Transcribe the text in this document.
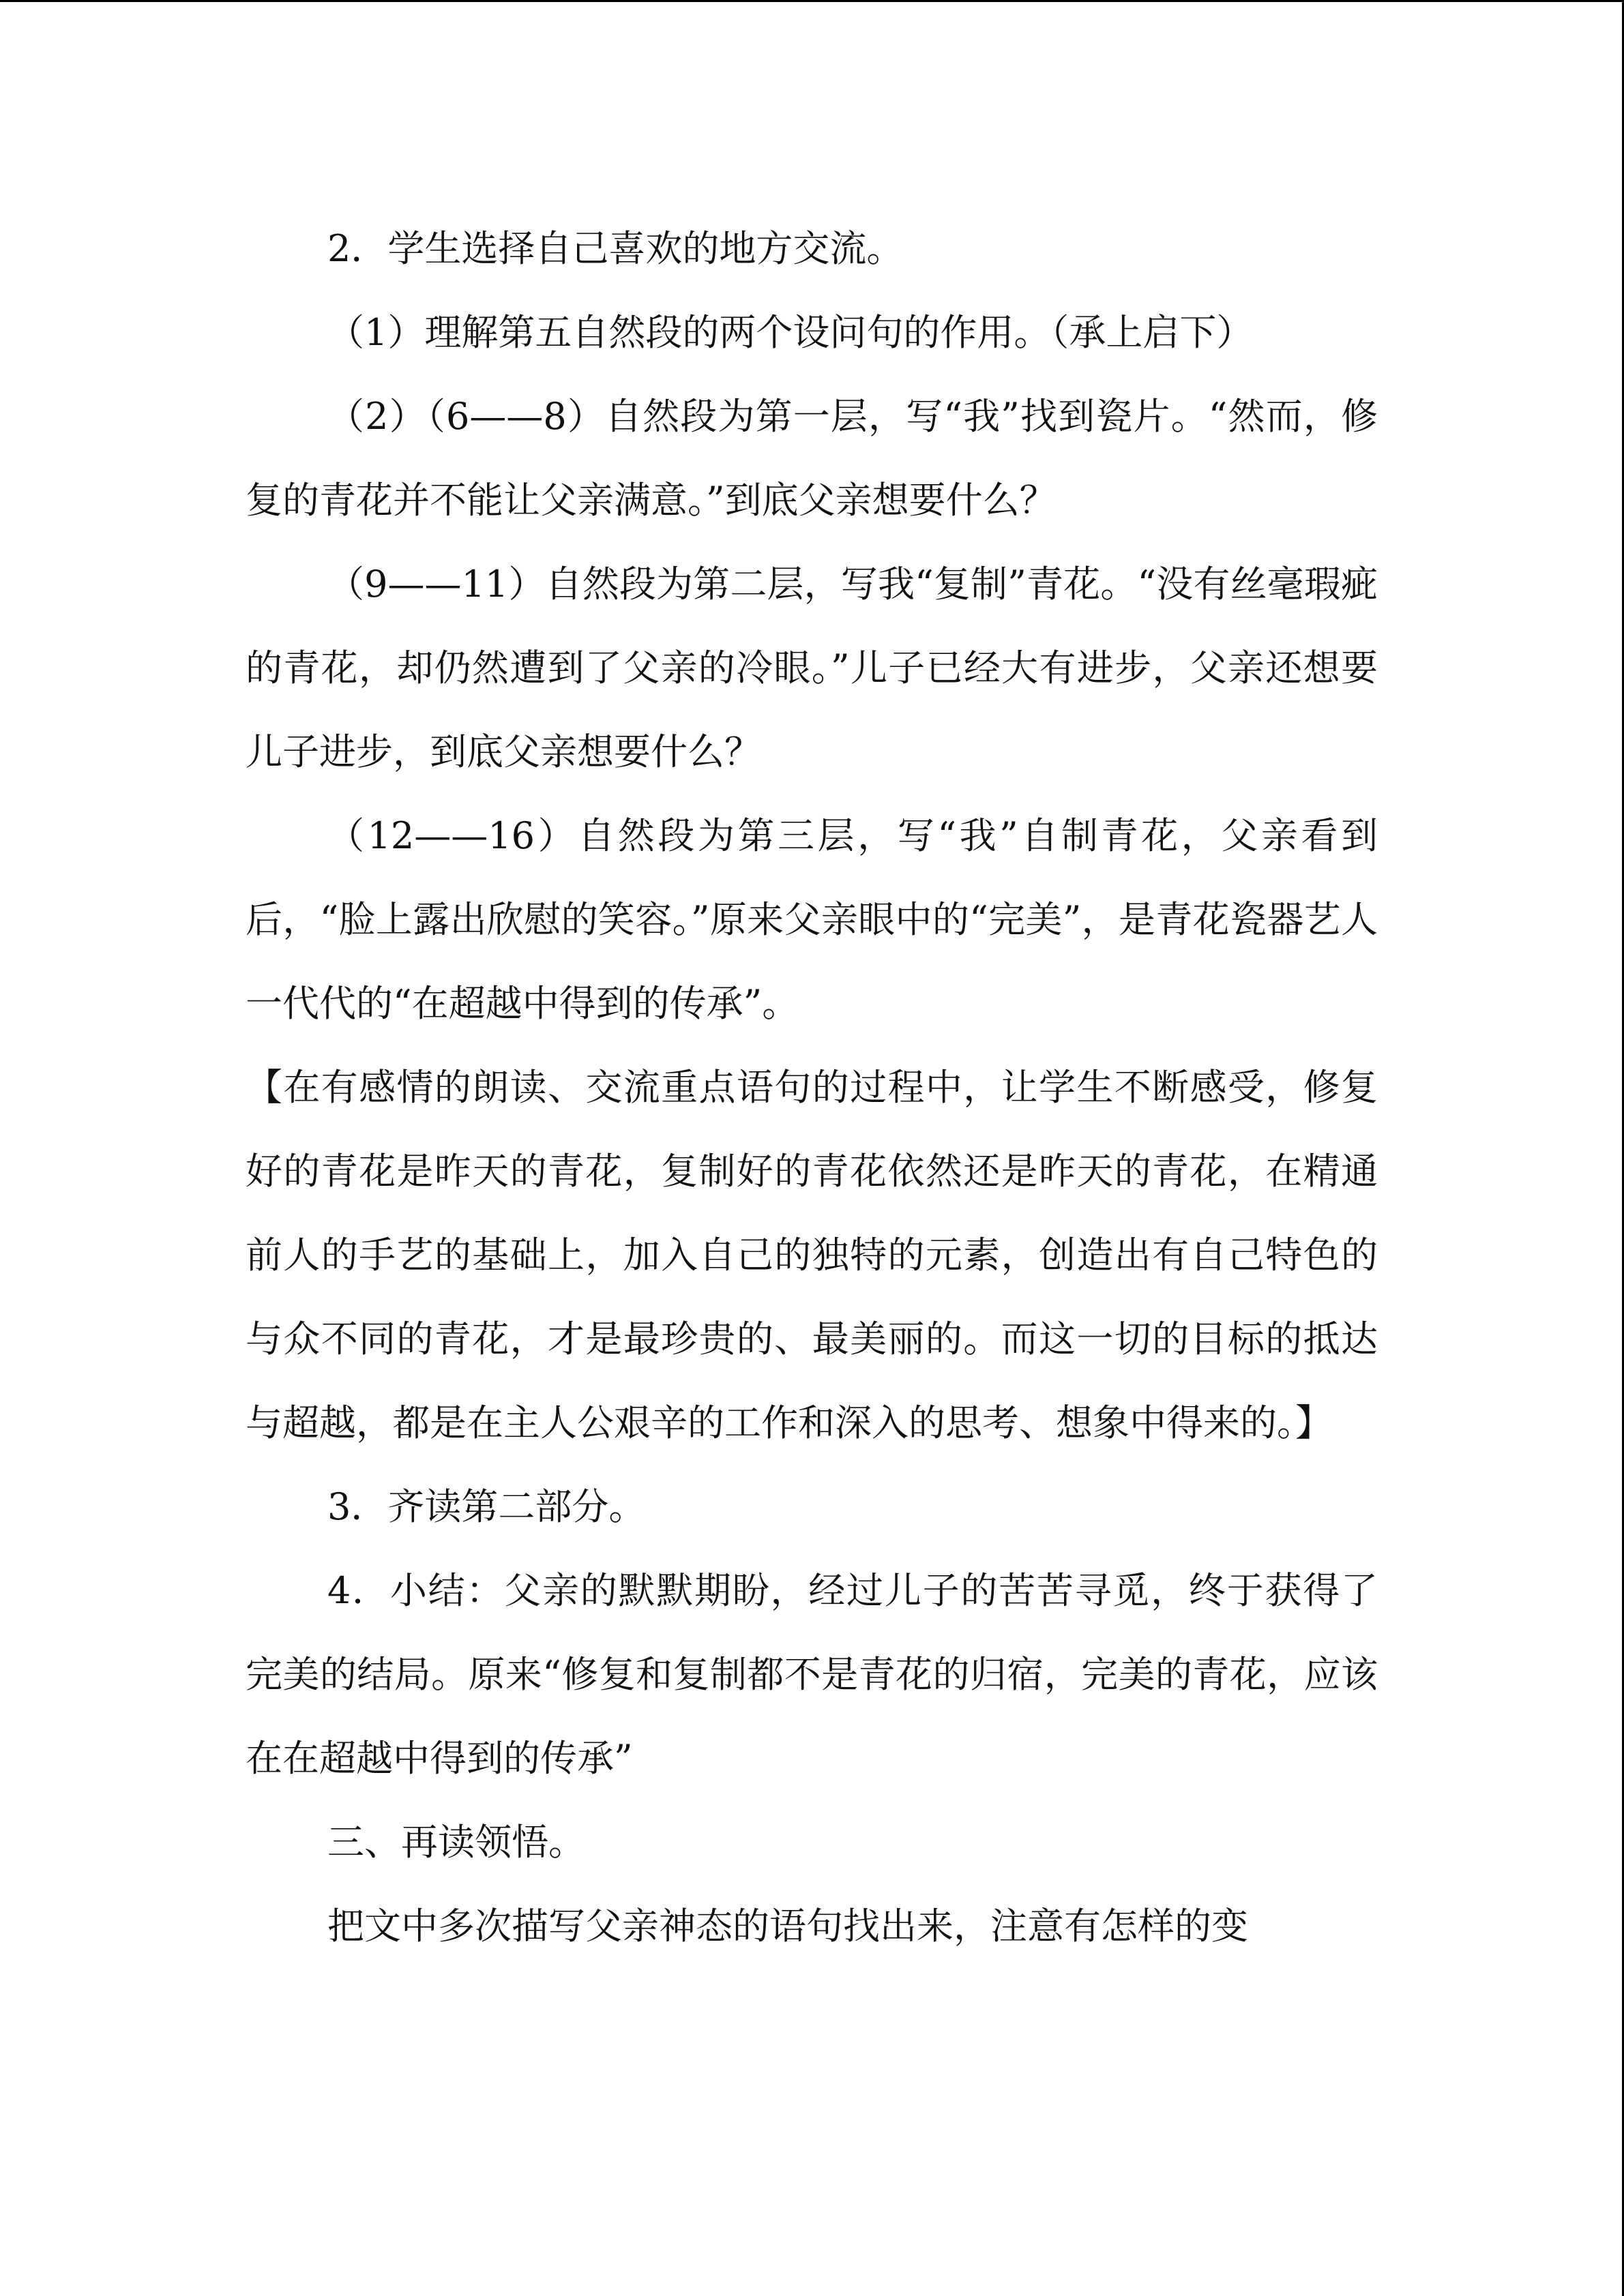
2．学生选择自己喜欢的地方交流。

（1）理解第五自然段的两个设问句的作用。（承上启下）

（2）（6——8）自然段为第一层，写“我”找到瓷片。“然而，修复的青花并不能让父亲满意。”到底父亲想要什么？

（9——11）自然段为第二层，写我“复制”青花。“没有丝毫瑕疵的青花，却仍然遭到了父亲的冷眼。”儿子已经大有进步，父亲还想要儿子进步，到底父亲想要什么？

（12——16）自然段为第三层，写“我”自制青花，父亲看到后，“脸上露出欣慰的笑容。”原来父亲眼中的“完美”，是青花瓷器艺人一代代的“在超越中得到的传承”。

【在有感情的朗读、交流重点语句的过程中，让学生不断感受，修复好的青花是昨天的青花，复制好的青花依然还是昨天的青花，在精通前人的手艺的基础上，加入自己的独特的元素，创造出有自己特色的与众不同的青花，才是最珍贵的、最美丽的。而这一切的目标的抵达与超越，都是在主人公艰辛的工作和深入的思考、想象中得来的。】

3．齐读第二部分。

4．小结：父亲的默默期盼，经过儿子的苦苦寻觅，终于获得了完美的结局。原来“修复和复制都不是青花的归宿，完美的青花，应该在在超越中得到的传承”

三、再读领悟。

把文中多次描写父亲神态的语句找出来，注意有怎样的变
